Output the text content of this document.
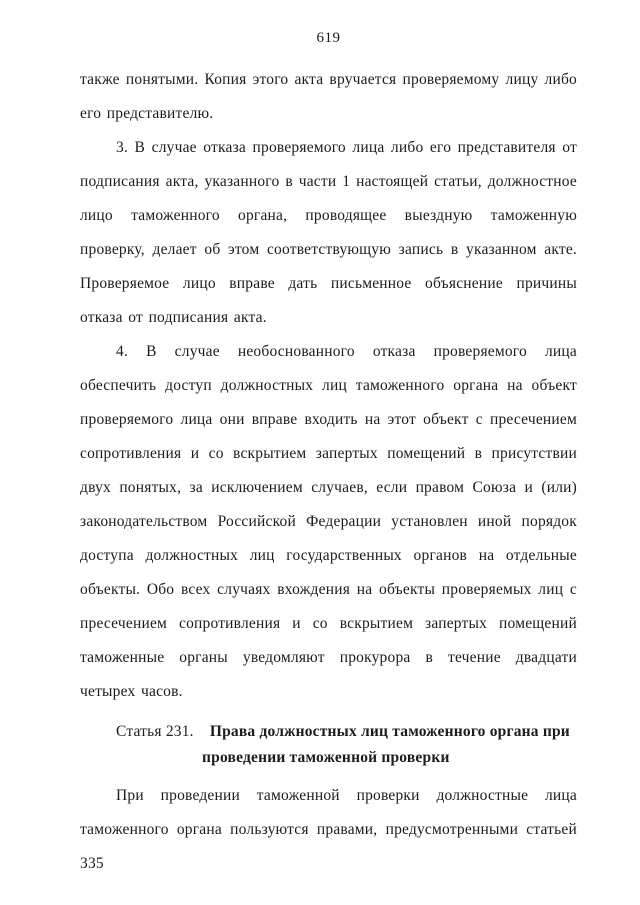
619

также понятыми. Копия этого акта вручается проверяемому лицу либо его представителю.

3. В случае отказа проверяемого лица либо его представителя от подписания акта, указанного в части 1 настоящей статьи, должностное лицо таможенного органа, проводящее выездную таможенную проверку, делает об этом соответствующую запись в указанном акте. Проверяемое лицо вправе дать письменное объяснение причины отказа от подписания акта.

4. В случае необоснованного отказа проверяемого лица обеспечить доступ должностных лиц таможенного органа на объект проверяемого лица они вправе входить на этот объект с пресечением сопротивления и со вскрытием запертых помещений в присутствии двух понятых, за исключением случаев, если правом Союза и (или) законодательством Российской Федерации установлен иной порядок доступа должностных лиц государственных органов на отдельные объекты. Обо всех случаях вхождения на объекты проверяемых лиц с пресечением сопротивления и со вскрытием запертых помещений таможенные органы уведомляют прокурора в течение двадцати четырех часов.

Статья 231. Права должностных лиц таможенного органа при проведении таможенной проверки

При проведении таможенной проверки должностные лица таможенного органа пользуются правами, предусмотренными статьей 335
